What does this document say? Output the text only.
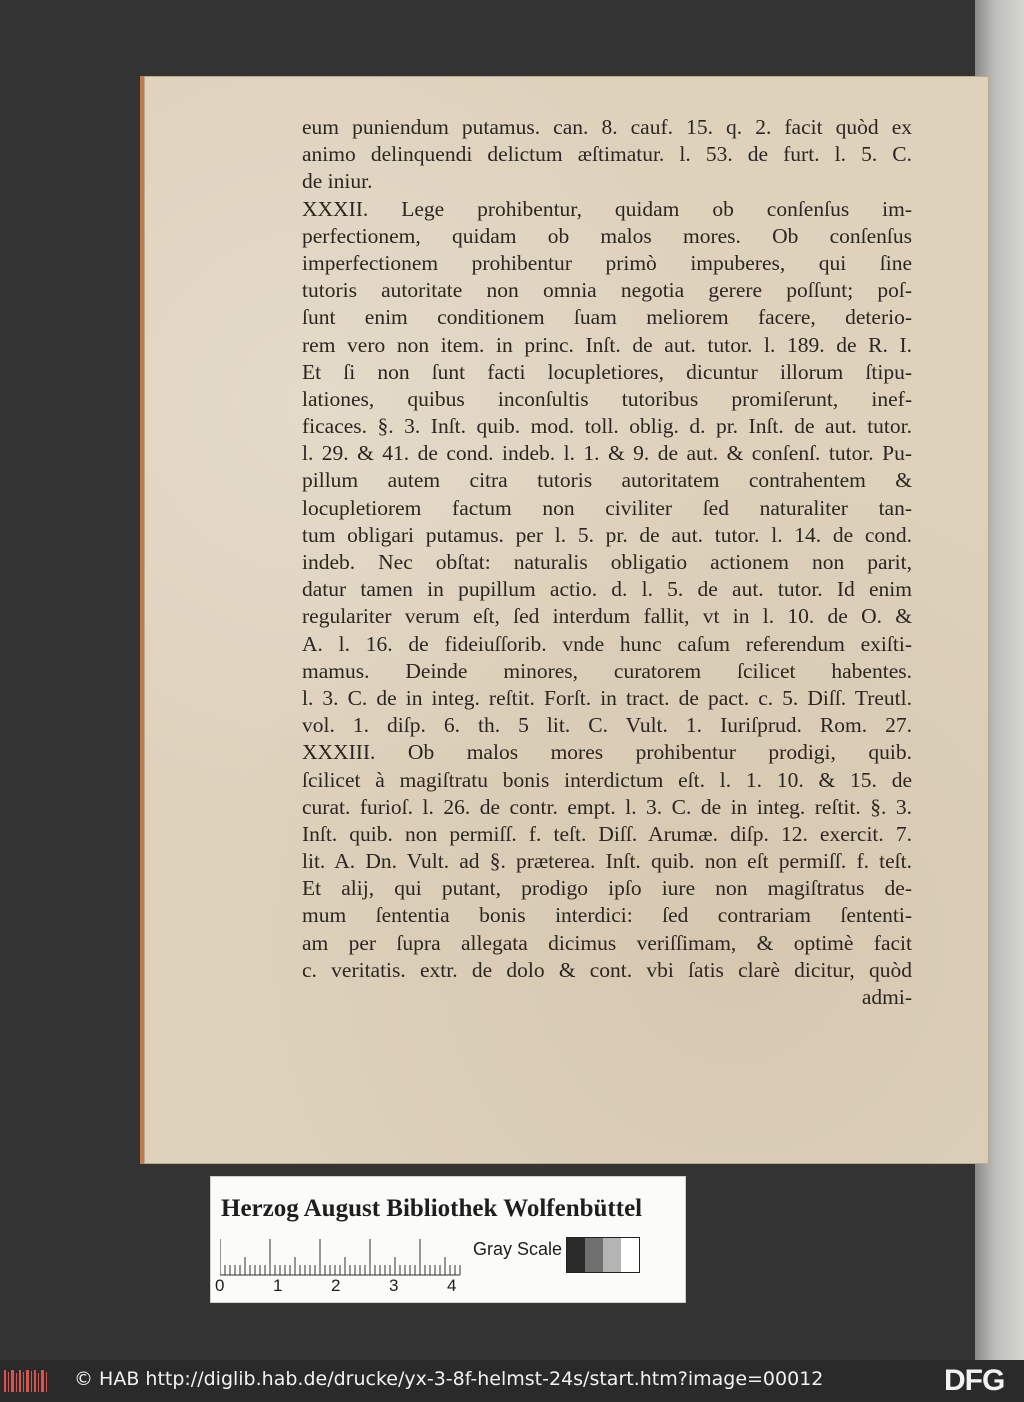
eum puniendum putamus. can. 8. cauf. 15. q. 2. facit quòd ex
animo delinquendi delictum æſtimatur. l. 53. de furt. l. 5. C.
de iniur.
XXXII. Lege prohibentur, quidam ob conſenſus im-
perfectionem, quidam ob malos mores. Ob conſenſus
imperfectionem prohibentur primò impuberes, qui ſine
tutoris autoritate non omnia negotia gerere poſſunt; poſ-
ſunt enim conditionem ſuam meliorem facere, deterio-
rem vero non item. in princ. Inſt. de aut. tutor. l. 189. de R. I.
Et ſi non ſunt facti locupletiores, dicuntur illorum ſtipu-
lationes, quibus inconſultis tutoribus promiſerunt, inef-
ficaces. §. 3. Inſt. quib. mod. toll. oblig. d. pr. Inſt. de aut. tutor.
l. 29. & 41. de cond. indeb. l. 1. & 9. de aut. & conſenſ. tutor. Pu-
pillum autem citra tutoris autoritatem contrahentem &
locupletiorem factum non civiliter ſed naturaliter tan-
tum obligari putamus. per l. 5. pr. de aut. tutor. l. 14. de cond.
indeb. Nec obſtat: naturalis obligatio actionem non parit,
datur tamen in pupillum actio. d. l. 5. de aut. tutor. Id enim
regulariter verum eſt, ſed interdum fallit, vt in l. 10. de O. &
A. l. 16. de fideiuſſorib. vnde hunc caſum referendum exiſti-
mamus. Deinde minores, curatorem ſcilicet habentes.
l. 3. C. de in integ. reſtit. Forſt. in tract. de pact. c. 5. Diſſ. Treutl.
vol. 1. diſp. 6. th. 5 lit. C. Vult. 1. Iuriſprud. Rom. 27.
XXXIII. Ob malos mores prohibentur prodigi, quib.
ſcilicet à magiſtratu bonis interdictum eſt. l. 1. 10. & 15. de
curat. furioſ. l. 26. de contr. empt. l. 3. C. de in integ. reſtit. §. 3.
Inſt. quib. non permiſſ. f. teſt. Diſſ. Arumæ. diſp. 12. exercit. 7.
lit. A. Dn. Vult. ad §. præterea. Inſt. quib. non eſt permiſſ. f. teſt.
Et alij, qui putant, prodigo ipſo iure non magiſtratus de-
mum ſententia bonis interdici: ſed contrariam ſententi-
am per ſupra allegata dicimus veriſſimam, & optimè facit
c. veritatis. extr. de dolo & cont. vbi ſatis clarè dicitur, quòd
admi-
Herzog August Bibliothek Wolfenbüttel
0	1	2	3	4
Gray Scale
© HAB http://diglib.hab.de/drucke/yx-3-8f-helmst-24s/start.htm?image=00012	DFG
